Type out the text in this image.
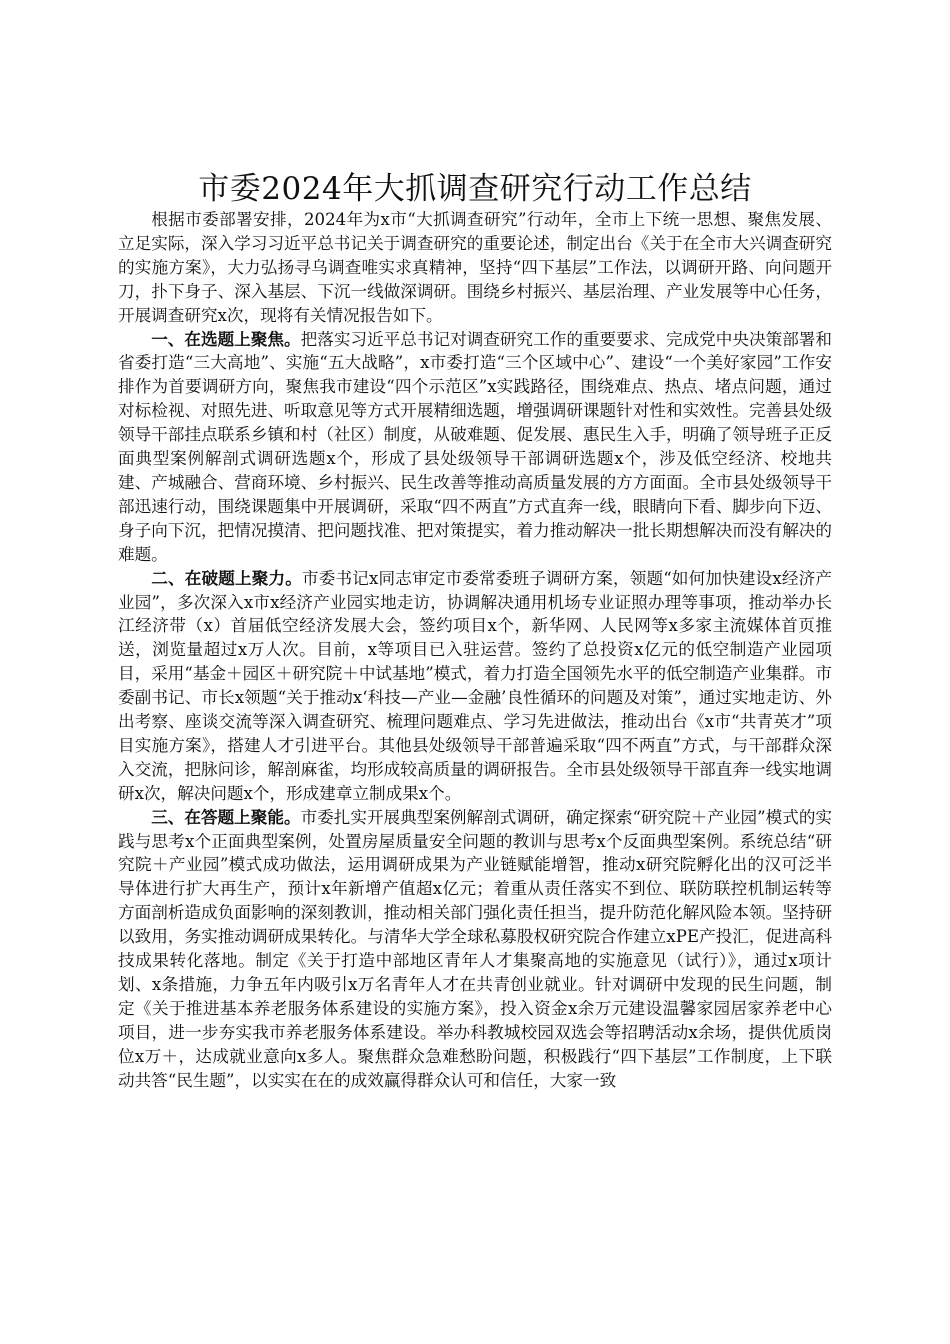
市委2024年大抓调查研究行动工作总结

根据市委部署安排，2024年为x市“大抓调查研究”行动年，全市上下统一思想、聚焦发展、立足实际，深入学习习近平总书记关于调查研究的重要论述，制定出台《关于在全市大兴调查研究的实施方案》，大力弘扬寻乌调查唯实求真精神，坚持“四下基层”工作法，以调研开路、向问题开刀，扑下身子、深入基层、下沉一线做深调研。围绕乡村振兴、基层治理、产业发展等中心任务，开展调查研究x次，现将有关情况报告如下。

一、在选题上聚焦。把落实习近平总书记对调查研究工作的重要要求、完成党中央决策部署和省委打造“三大高地”、实施“五大战略”，x市委打造“三个区域中心”、建设“一个美好家园”工作安排作为首要调研方向，聚焦我市建设“四个示范区”x实践路径，围绕难点、热点、堵点问题，通过对标检视、对照先进、听取意见等方式开展精细选题，增强调研课题针对性和实效性。完善县处级领导干部挂点联系乡镇和村（社区）制度，从破难题、促发展、惠民生入手，明确了领导班子正反面典型案例解剖式调研选题x个，形成了县处级领导干部调研选题x个，涉及低空经济、校地共建、产城融合、营商环境、乡村振兴、民生改善等推动高质量发展的方方面面。全市县处级领导干部迅速行动，围绕课题集中开展调研，采取“四不两直”方式直奔一线，眼睛向下看、脚步向下迈、身子向下沉，把情况摸清、把问题找准、把对策提实，着力推动解决一批长期想解决而没有解决的难题。

二、在破题上聚力。市委书记x同志审定市委常委班子调研方案，领题“如何加快建设x经济产业园”，多次深入x市x经济产业园实地走访，协调解决通用机场专业证照办理等事项，推动举办长江经济带（x）首届低空经济发展大会，签约项目x个，新华网、人民网等x多家主流媒体首页推送，浏览量超过x万人次。目前，x等项目已入驻运营。签约了总投资x亿元的低空制造产业园项目，采用“基金＋园区＋研究院＋中试基地”模式，着力打造全国领先水平的低空制造产业集群。市委副书记、市长x领题“关于推动x‘科技—产业—金融’良性循环的问题及对策”，通过实地走访、外出考察、座谈交流等深入调查研究、梳理问题难点、学习先进做法，推动出台《x市“共青英才”项目实施方案》，搭建人才引进平台。其他县处级领导干部普遍采取“四不两直”方式，与干部群众深入交流，把脉问诊，解剖麻雀，均形成较高质量的调研报告。全市县处级领导干部直奔一线实地调研x次，解决问题x个，形成建章立制成果x个。

三、在答题上聚能。市委扎实开展典型案例解剖式调研，确定探索“研究院＋产业园”模式的实践与思考x个正面典型案例，处置房屋质量安全问题的教训与思考x个反面典型案例。系统总结“研究院＋产业园”模式成功做法，运用调研成果为产业链赋能增智，推动x研究院孵化出的汉可泛半导体进行扩大再生产，预计x年新增产值超x亿元；着重从责任落实不到位、联防联控机制运转等方面剖析造成负面影响的深刻教训，推动相关部门强化责任担当，提升防范化解风险本领。坚持研以致用，务实推动调研成果转化。与清华大学全球私募股权研究院合作建立xPE产投汇，促进高科技成果转化落地。制定《关于打造中部地区青年人才集聚高地的实施意见（试行）》，通过x项计划、x条措施，力争五年内吸引x万名青年人才在共青创业就业。针对调研中发现的民生问题，制定《关于推进基本养老服务体系建设的实施方案》，投入资金x余万元建设温馨家园居家养老中心项目，进一步夯实我市养老服务体系建设。举办科教城校园双选会等招聘活动x余场，提供优质岗位x万＋，达成就业意向x多人。聚焦群众急难愁盼问题，积极践行“四下基层”工作制度，上下联动共答“民生题”，以实实在在的成效赢得群众认可和信任，大家一致
